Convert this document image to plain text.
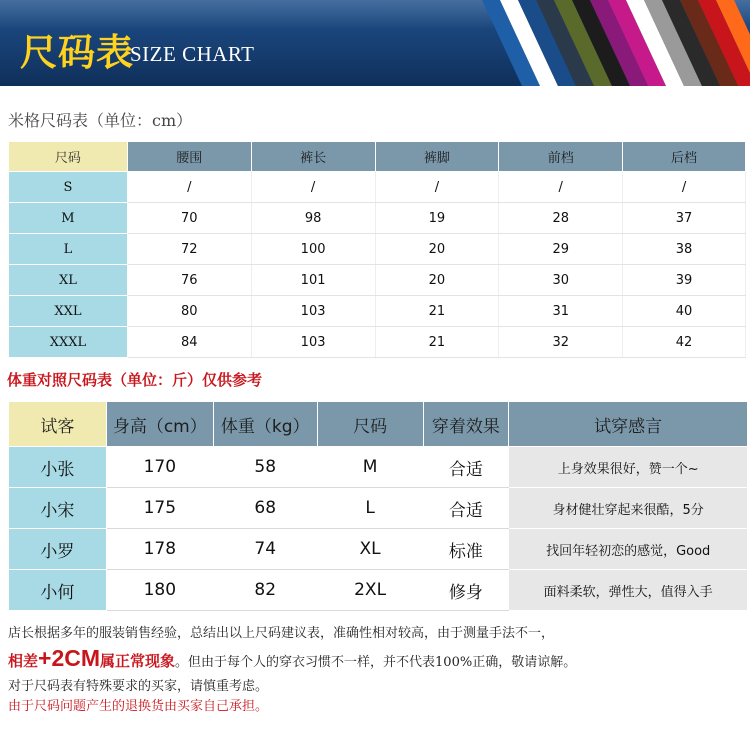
尺码表
SIZE CHART
米格尺码表（单位：cm）
尺码	腰围	裤长	裤脚	前档	后档
S	/	/	/	/	/
M	70	98	19	28	37
L	72	100	20	29	38
XL	76	101	20	30	39
XXL	80	103	21	31	40
XXXL	84	103	21	32	42
体重对照尺码表（单位：斤）仅供参考
试客	身高（cm）	体重（kg）	尺码	穿着效果	试穿感言
小张	170	58	M	合适	上身效果很好，赞一个~
小宋	175	68	L	合适	身材健壮穿起来很酷，5分
小罗	178	74	XL	标准	找回年轻初恋的感觉，Good
小何	180	82	2XL	修身	面料柔软，弹性大，值得入手
店长根据多年的服装销售经验，总结出以上尺码建议表，准确性相对较高，由于测量手法不一，
相差+2CM属正常现象。但由于每个人的穿衣习惯不一样，并不代表100%正确，敬请谅解。
对于尺码表有特殊要求的买家，请慎重考虑。
由于尺码问题产生的退换货由买家自己承担。
